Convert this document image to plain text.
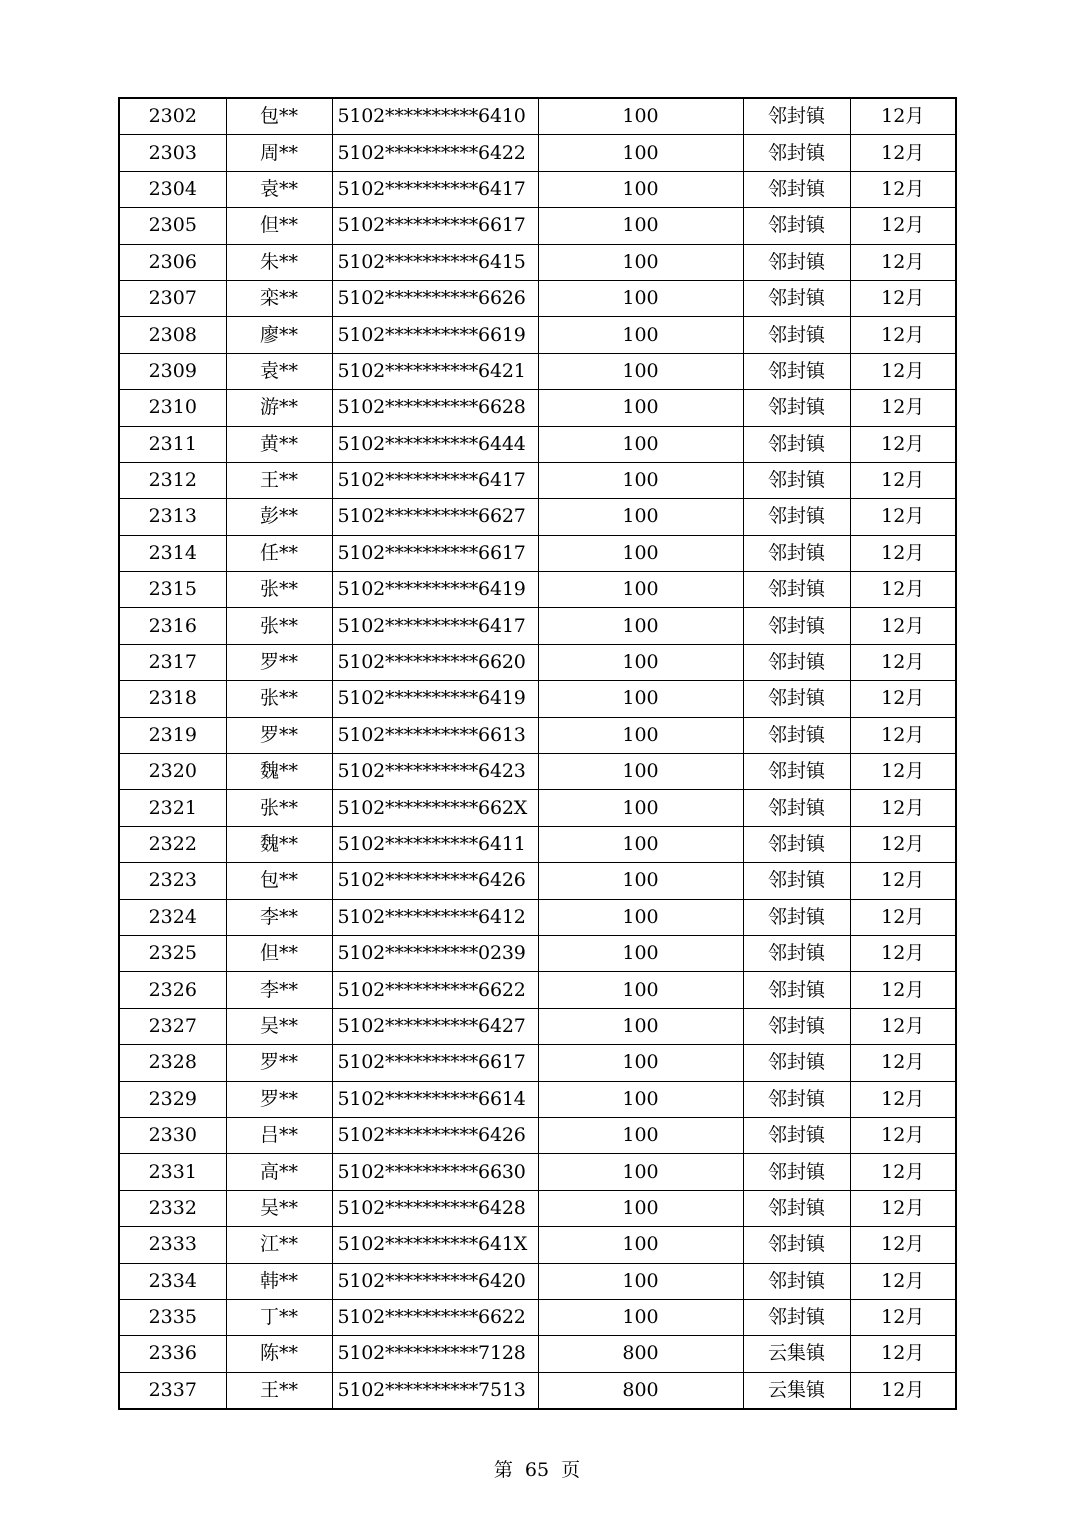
2302	包**	5102**********6410	100	邻封镇	12月
2303	周**	5102**********6422	100	邻封镇	12月
2304	袁**	5102**********6417	100	邻封镇	12月
2305	但**	5102**********6617	100	邻封镇	12月
2306	朱**	5102**********6415	100	邻封镇	12月
2307	栾**	5102**********6626	100	邻封镇	12月
2308	廖**	5102**********6619	100	邻封镇	12月
2309	袁**	5102**********6421	100	邻封镇	12月
2310	游**	5102**********6628	100	邻封镇	12月
2311	黄**	5102**********6444	100	邻封镇	12月
2312	王**	5102**********6417	100	邻封镇	12月
2313	彭**	5102**********6627	100	邻封镇	12月
2314	任**	5102**********6617	100	邻封镇	12月
2315	张**	5102**********6419	100	邻封镇	12月
2316	张**	5102**********6417	100	邻封镇	12月
2317	罗**	5102**********6620	100	邻封镇	12月
2318	张**	5102**********6419	100	邻封镇	12月
2319	罗**	5102**********6613	100	邻封镇	12月
2320	魏**	5102**********6423	100	邻封镇	12月
2321	张**	5102**********662X	100	邻封镇	12月
2322	魏**	5102**********6411	100	邻封镇	12月
2323	包**	5102**********6426	100	邻封镇	12月
2324	李**	5102**********6412	100	邻封镇	12月
2325	但**	5102**********0239	100	邻封镇	12月
2326	李**	5102**********6622	100	邻封镇	12月
2327	吴**	5102**********6427	100	邻封镇	12月
2328	罗**	5102**********6617	100	邻封镇	12月
2329	罗**	5102**********6614	100	邻封镇	12月
2330	吕**	5102**********6426	100	邻封镇	12月
2331	高**	5102**********6630	100	邻封镇	12月
2332	吴**	5102**********6428	100	邻封镇	12月
2333	江**	5102**********641X	100	邻封镇	12月
2334	韩**	5102**********6420	100	邻封镇	12月
2335	丁**	5102**********6622	100	邻封镇	12月
2336	陈**	5102**********7128	800	云集镇	12月
2337	王**	5102**********7513	800	云集镇	12月
第 65 页
